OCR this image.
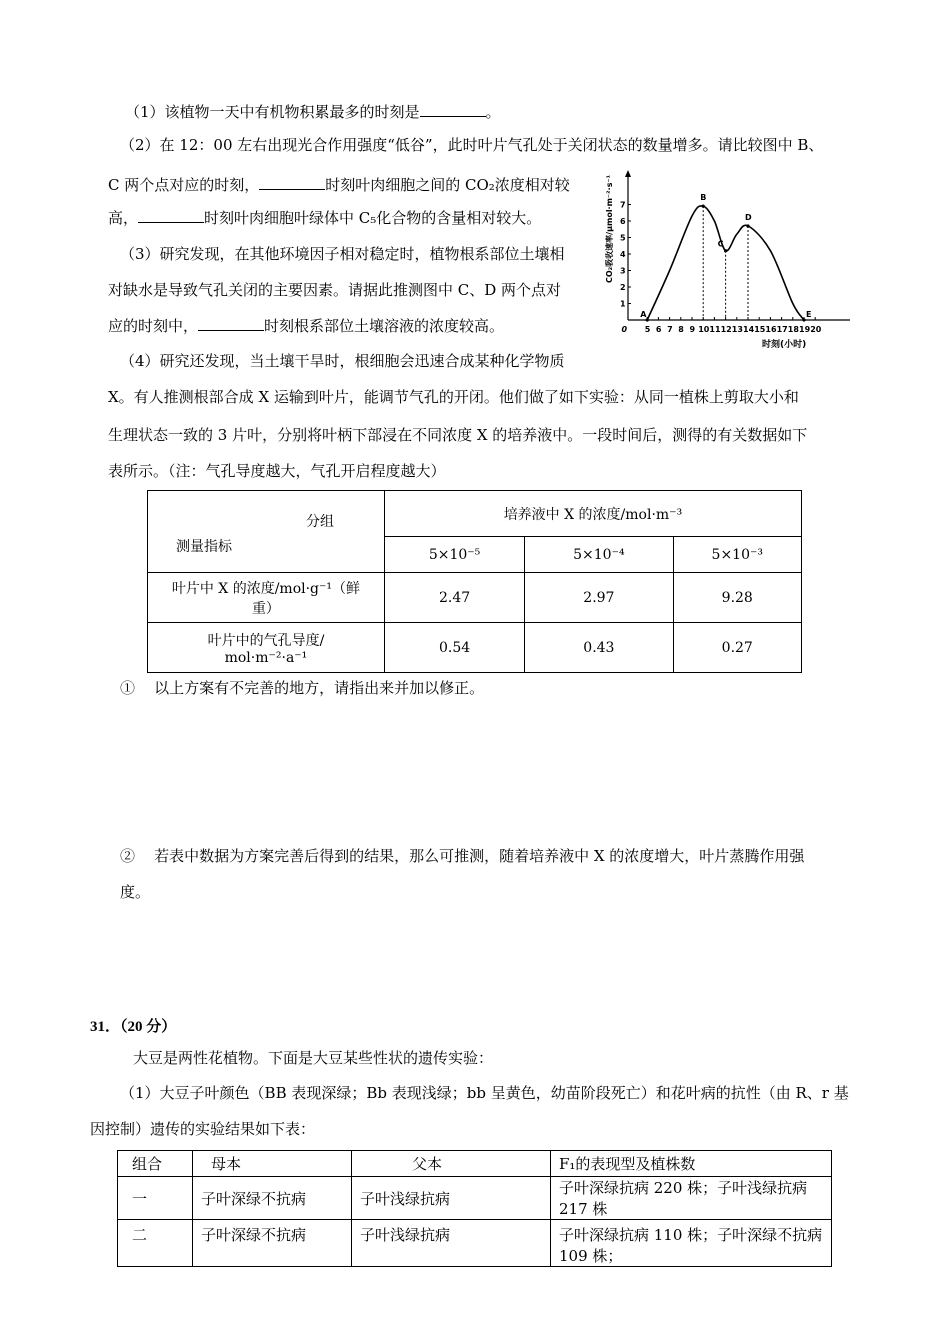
（1）该植物一天中有机物积累最多的时刻是	。
（2）在 12：00 左右出现光合作用强度“低谷”，此时叶片气孔处于关闭状态的数量增多。请比较图中 B、
C 两个点对应的时刻，	时刻叶肉细胞之间的 CO₂浓度相对较
高，	时刻叶肉细胞叶绿体中 C₅化合物的含量相对较大。
（3）研究发现，在其他环境因子相对稳定时，植物根系部位土壤相
对缺水是导致气孔关闭的主要因素。请据此推测图中 C、D 两个点对
应的时刻中，	时刻根系部位土壤溶液的浓度较高。
（4）研究还发现，当土壤干旱时，根细胞会迅速合成某种化学物质
X。有人推测根部合成 X 运输到叶片，能调节气孔的开闭。他们做了如下实验：从同一植株上剪取大小和
生理状态一致的 3 片叶，分别将叶柄下部浸在不同浓度 X 的培养液中。一段时间后，测得的有关数据如下
表所示。（注：气孔导度越大，气孔开启程度越大）
1
2
3
4
5
6
7
0 5 6 7 8 9 10 11 12 13 14 15 16 17 18 19 20
A
B
C
D
E
CO₂吸收速率/μmol·m⁻²·s⁻¹
时刻(小时)
分组
测量指标	培养液中 X 的浓度/mol·m⁻³		
	5×10⁻⁵	5×10⁻⁴	5×10⁻³

叶片中 X 的浓度/mol·g⁻¹（鲜
重）	2.47	2.97	9.28

叶片中的气孔导度/
mol·m⁻²·a⁻¹	0.54	0.43	0.27
① 以上方案有不完善的地方，请指出来并加以修正。
② 若表中数据为方案完善后得到的结果，那么可推测，随着培养液中 X 的浓度增大，叶片蒸腾作用强
度。
31．（20 分）
大豆是两性花植物。下面是大豆某些性状的遗传实验：
（1）大豆子叶颜色（BB 表现深绿；Bb 表现浅绿；bb 呈黄色，幼苗阶段死亡）和花叶病的抗性（由 R、r 基
因控制）遗传的实验结果如下表：
组合	母本	父本	F₁的表现型及植株数
一	子叶深绿不抗病	子叶浅绿抗病	子叶深绿抗病 220 株；子叶浅绿抗病 217 株
二	子叶深绿不抗病	子叶浅绿抗病	子叶深绿抗病 110 株；子叶深绿不抗病 109 株；
